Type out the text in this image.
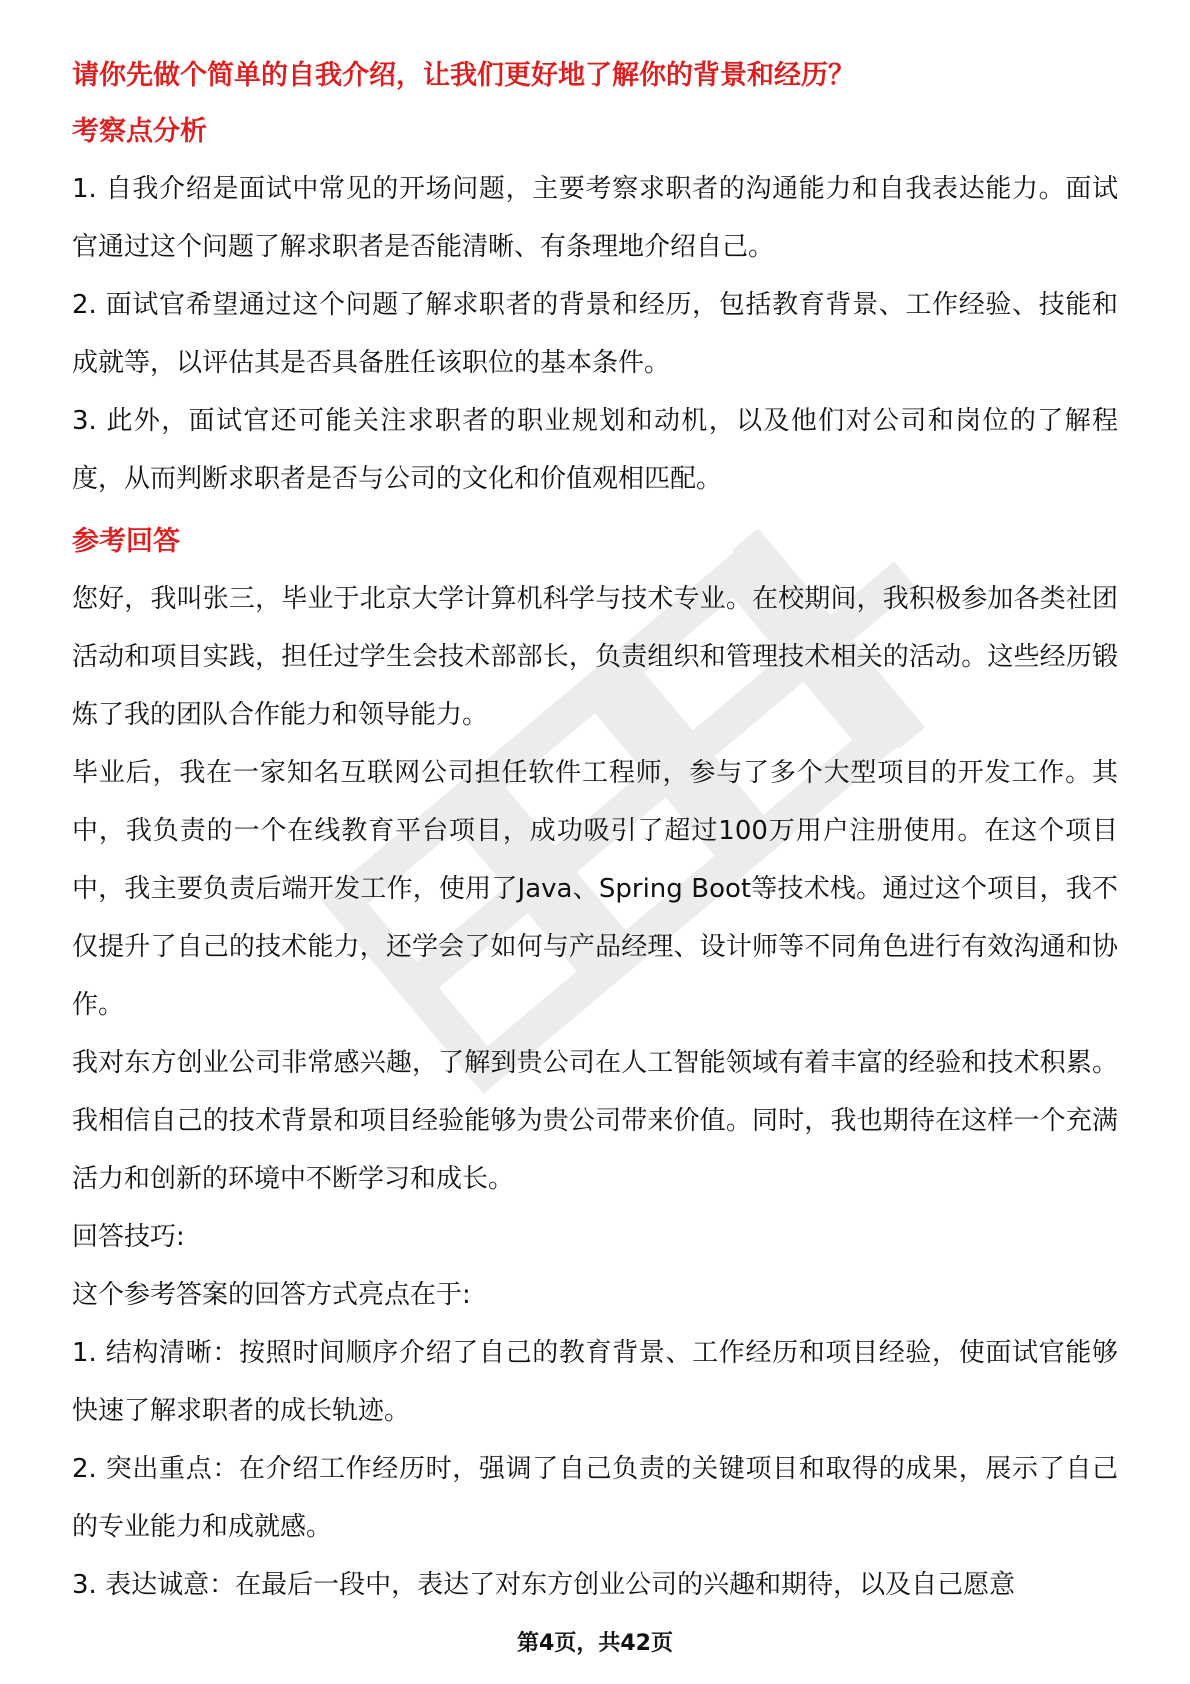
请你先做个简单的自我介绍，让我们更好地了解你的背景和经历？

考察点分析

1. 自我介绍是面试中常见的开场问题，主要考察求职者的沟通能力和自我表达能力。面试官通过这个问题了解求职者是否能清晰、有条理地介绍自己。

2. 面试官希望通过这个问题了解求职者的背景和经历，包括教育背景、工作经验、技能和成就等，以评估其是否具备胜任该职位的基本条件。

3. 此外，面试官还可能关注求职者的职业规划和动机，以及他们对公司和岗位的了解程度，从而判断求职者是否与公司的文化和价值观相匹配。

参考回答

您好，我叫张三，毕业于北京大学计算机科学与技术专业。在校期间，我积极参加各类社团活动和项目实践，担任过学生会技术部部长，负责组织和管理技术相关的活动。这些经历锻炼了我的团队合作能力和领导能力。

毕业后，我在一家知名互联网公司担任软件工程师，参与了多个大型项目的开发工作。其中，我负责的一个在线教育平台项目，成功吸引了超过100万用户注册使用。在这个项目中，我主要负责后端开发工作，使用了Java、Spring Boot等技术栈。通过这个项目，我不仅提升了自己的技术能力，还学会了如何与产品经理、设计师等不同角色进行有效沟通和协作。

我对东方创业公司非常感兴趣，了解到贵公司在人工智能领域有着丰富的经验和技术积累。我相信自己的技术背景和项目经验能够为贵公司带来价值。同时，我也期待在这样一个充满活力和创新的环境中不断学习和成长。

回答技巧:

这个参考答案的回答方式亮点在于:

1. 结构清晰：按照时间顺序介绍了自己的教育背景、工作经历和项目经验，使面试官能够快速了解求职者的成长轨迹。

2. 突出重点：在介绍工作经历时，强调了自己负责的关键项目和取得的成果，展示了自己的专业能力和成就感。

3. 表达诚意：在最后一段中，表达了对东方创业公司的兴趣和期待，以及自己愿意

第4页，共42页
